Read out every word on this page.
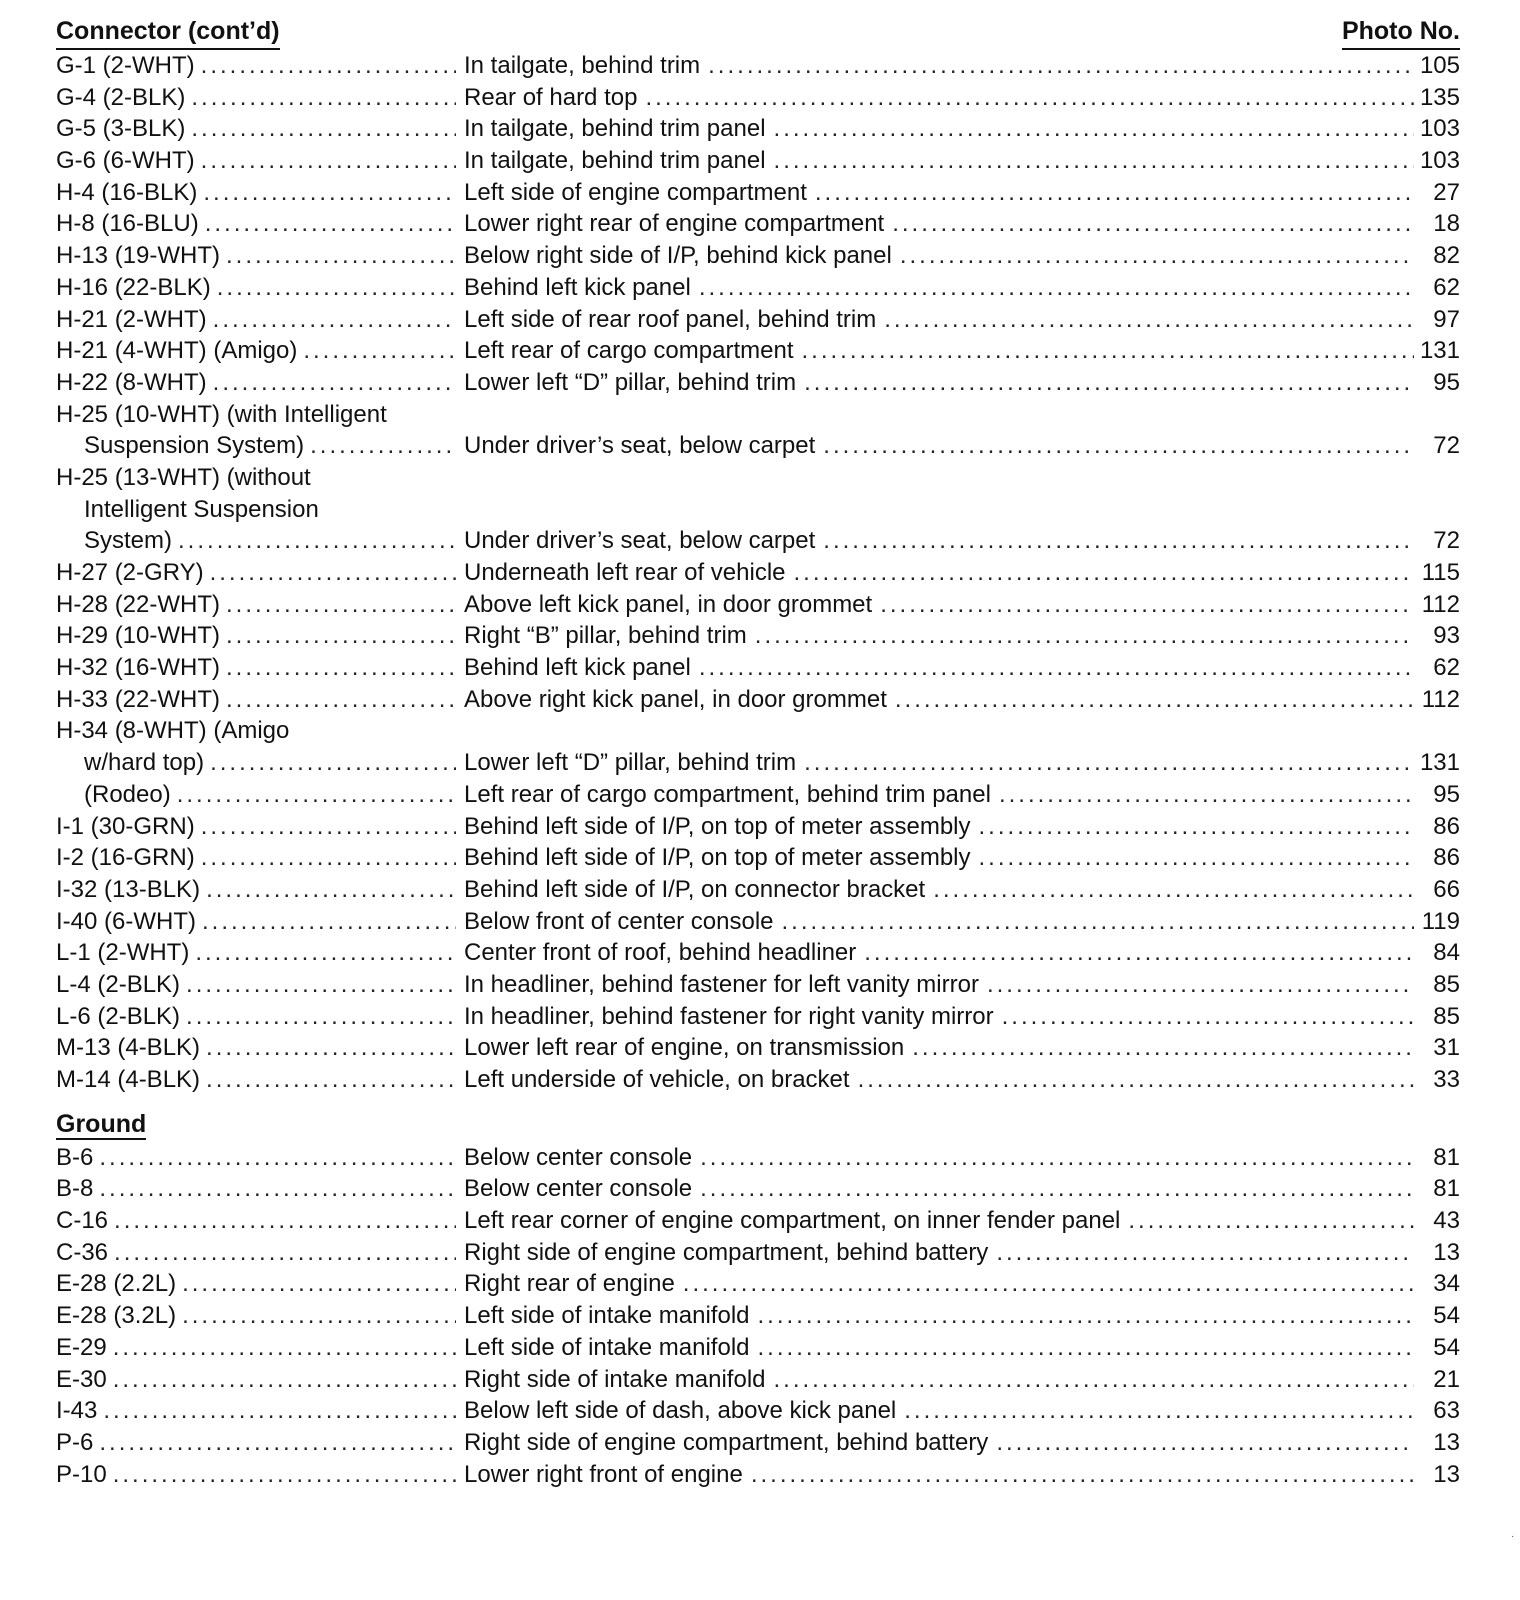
Connector (cont’d)	Photo No.
G-1 (2-WHT) .....	In tailgate, behind trim .....	105
G-4 (2-BLK) .....	Rear of hard top .....	135
G-5 (3-BLK) .....	In tailgate, behind trim panel .....	103
G-6 (6-WHT) .....	In tailgate, behind trim panel .....	103
H-4 (16-BLK) .....	Left side of engine compartment .....	27
H-8 (16-BLU) .....	Lower right rear of engine compartment .....	18
H-13 (19-WHT) .....	Below right side of I/P, behind kick panel .....	82
H-16 (22-BLK) .....	Behind left kick panel .....	62
H-21 (2-WHT) .....	Left side of rear roof panel, behind trim .....	97
H-21 (4-WHT) (Amigo) .....	Left rear of cargo compartment .....	131
H-22 (8-WHT) .....	Lower left “D” pillar, behind trim .....	95
H-25 (10-WHT) (with Intelligent
Suspension System) .....	Under driver’s seat, below carpet .....	72
H-25 (13-WHT) (without
Intelligent Suspension
System) .....	Under driver’s seat, below carpet .....	72
H-27 (2-GRY) .....	Underneath left rear of vehicle .....	115
H-28 (22-WHT) .....	Above left kick panel, in door grommet .....	112
H-29 (10-WHT) .....	Right “B” pillar, behind trim .....	93
H-32 (16-WHT) .....	Behind left kick panel .....	62
H-33 (22-WHT) .....	Above right kick panel, in door grommet .....	112
H-34 (8-WHT) (Amigo
w/hard top) .....	Lower left “D” pillar, behind trim .....	131
(Rodeo) .....	Left rear of cargo compartment, behind trim panel .....	95
I-1 (30-GRN) .....	Behind left side of I/P, on top of meter assembly .....	86
I-2 (16-GRN) .....	Behind left side of I/P, on top of meter assembly .....	86
I-32 (13-BLK) .....	Behind left side of I/P, on connector bracket .....	66
I-40 (6-WHT) .....	Below front of center console .....	119
L-1 (2-WHT) .....	Center front of roof, behind headliner .....	84
L-4 (2-BLK) .....	In headliner, behind fastener for left vanity mirror .....	85
L-6 (2-BLK) .....	In headliner, behind fastener for right vanity mirror .....	85
M-13 (4-BLK) .....	Lower left rear of engine, on transmission .....	31
M-14 (4-BLK) .....	Left underside of vehicle, on bracket .....	33
Ground
B-6 .....	Below center console .....	81
B-8 .....	Below center console .....	81
C-16 .....	Left rear corner of engine compartment, on inner fender panel .....	43
C-36 .....	Right side of engine compartment, behind battery .....	13
E-28 (2.2L) .....	Right rear of engine .....	34
E-28 (3.2L) .....	Left side of intake manifold .....	54
E-29 .....	Left side of intake manifold .....	54
E-30 .....	Right side of intake manifold .....	21
I-43 .....	Below left side of dash, above kick panel .....	63
P-6 .....	Right side of engine compartment, behind battery .....	13
P-10 .....	Lower right front of engine .....	13
.
